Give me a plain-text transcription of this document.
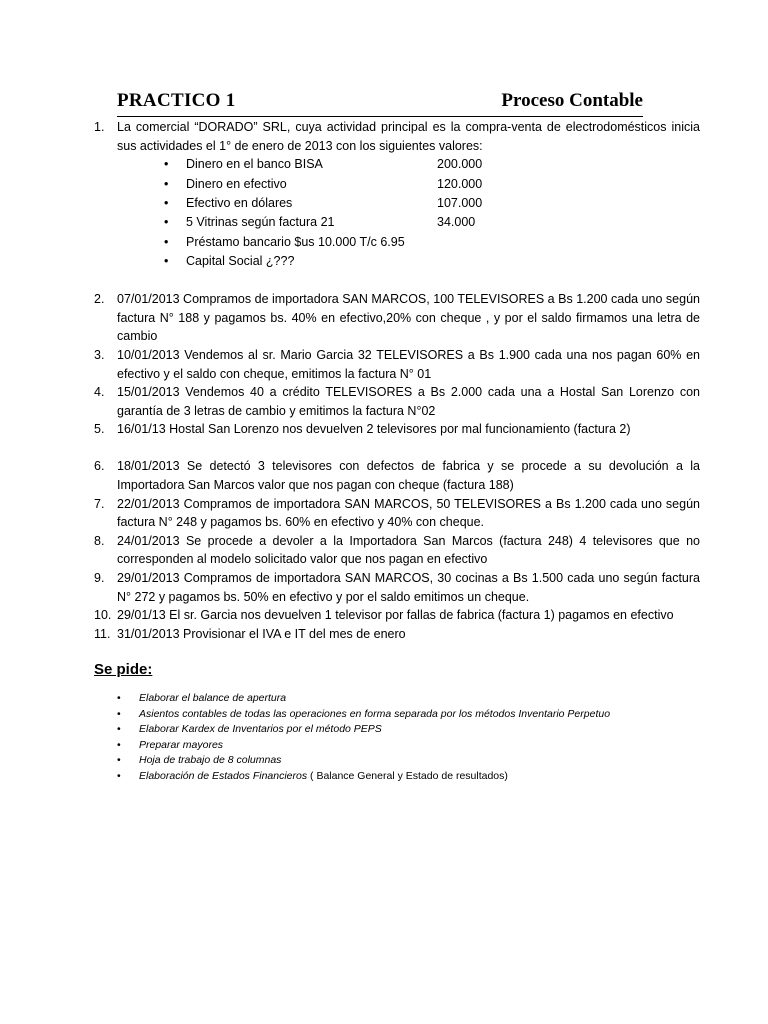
PRACTICO 1	Proceso Contable
1. La comercial “DORADO” SRL, cuya actividad principal es la compra-venta de electrodomésticos inicia sus actividades el 1° de enero de 2013 con los siguientes valores:
• Dinero en el banco BISA	200.000
• Dinero en efectivo	120.000
• Efectivo en dólares	107.000
• 5 Vitrinas según factura 21	34.000
• Préstamo bancario $us 10.000 T/c 6.95
• Capital Social ¿???
2. 07/01/2013 Compramos de importadora SAN MARCOS, 100 TELEVISORES a Bs 1.200 cada uno según factura N° 188 y pagamos bs. 40% en efectivo,20% con cheque , y por el saldo firmamos una letra de cambio
3. 10/01/2013 Vendemos al sr. Mario Garcia 32 TELEVISORES a Bs 1.900 cada una nos pagan 60% en efectivo y el saldo con cheque, emitimos la factura N° 01
4. 15/01/2013 Vendemos 40 a crédito TELEVISORES a Bs 2.000 cada una a Hostal San Lorenzo con garantía de 3 letras de cambio y emitimos la factura N°02
5. 16/01/13 Hostal San Lorenzo nos devuelven 2 televisores por mal funcionamiento (factura 2)
6. 18/01/2013 Se detectó 3 televisores con defectos de fabrica y se procede a su devolución a la Importadora San Marcos valor que nos pagan con cheque (factura 188)
7. 22/01/2013 Compramos de importadora SAN MARCOS, 50 TELEVISORES a Bs 1.200 cada uno según factura N° 248 y pagamos bs. 60% en efectivo y 40% con cheque.
8. 24/01/2013 Se procede a devoler a la Importadora San Marcos (factura 248) 4 televisores que no corresponden al modelo solicitado valor que nos pagan en efectivo
9. 29/01/2013 Compramos de importadora SAN MARCOS, 30 cocinas a Bs 1.500 cada uno según factura N° 272 y pagamos bs. 50% en efectivo y por el saldo emitimos un cheque.
10. 29/01/13 El sr. Garcia nos devuelven 1 televisor por fallas de fabrica (factura 1) pagamos en efectivo
11. 31/01/2013 Provisionar el IVA e IT del mes de enero
Se pide:
• Elaborar el balance de apertura
• Asientos contables de todas las operaciones en forma separada por los métodos Inventario Perpetuo
• Elaborar Kardex de Inventarios por el método PEPS
• Preparar mayores
• Hoja de trabajo de 8 columnas
• Elaboración de Estados Financieros ( Balance General y Estado de resultados)
